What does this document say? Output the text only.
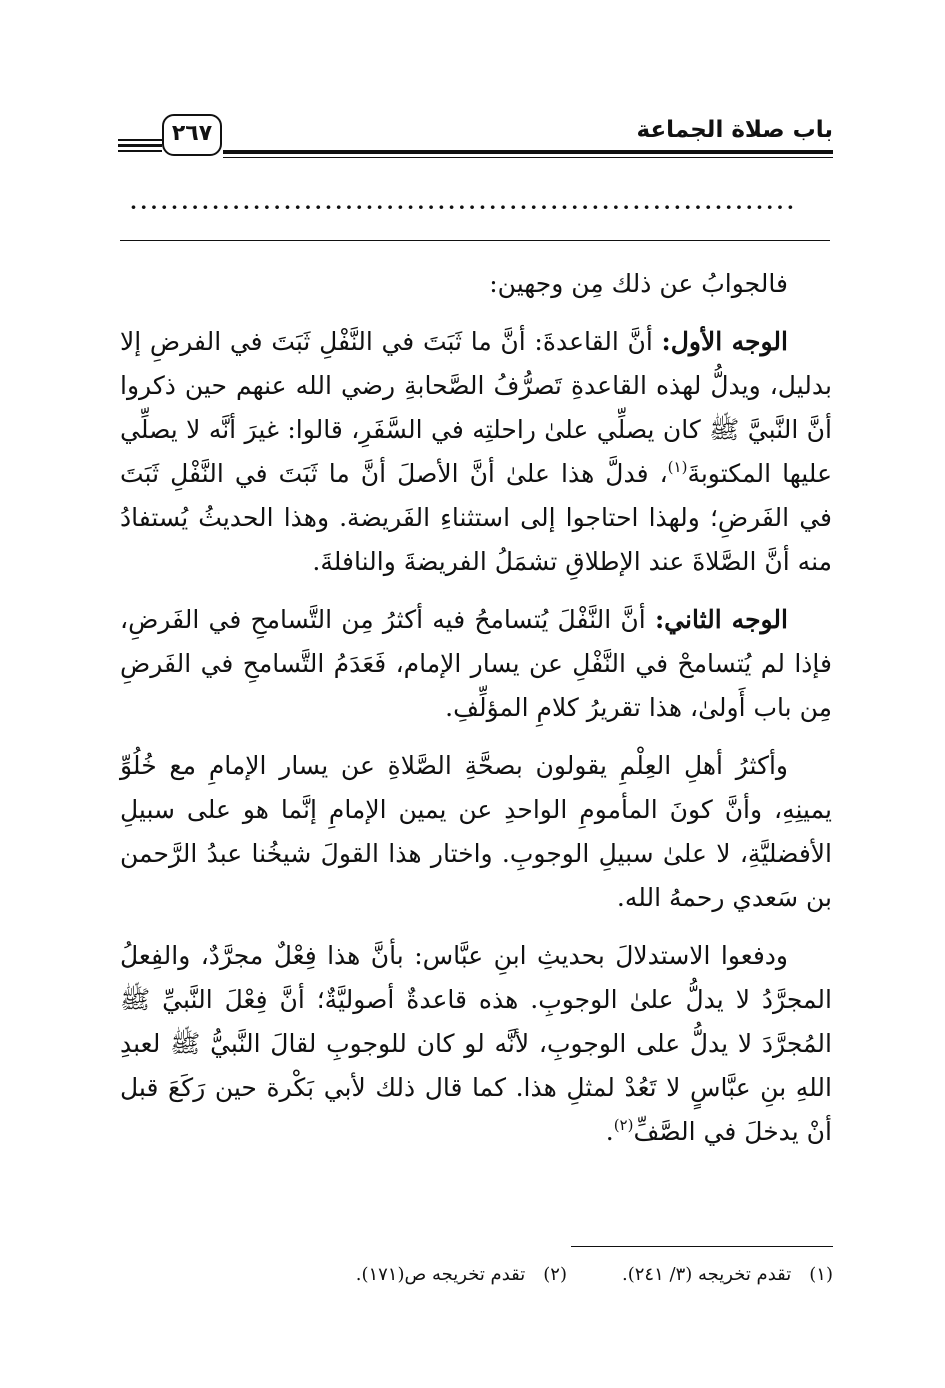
باب صلاة الجماعة
٢٦٧
·································································

فالجوابُ عن ذلك مِن وجهين:

الوجه الأول: أنَّ القاعدةَ: أنَّ ما ثَبَتَ في النَّفْلِ ثَبَتَ في الفرضِ إلا بدليل، ويدلُّ لهذه القاعدةِ تَصرُّفُ الصَّحابةِ رضي الله عنهم حين ذكروا أنَّ النَّبيَّ ﷺ كان يصلِّي علىٰ راحلتِه في السَّفَرِ، قالوا: غيرَ أنَّه لا يصلِّي عليها المكتوبةَ$^{(١)}$، فدلَّ هذا علىٰ أنَّ الأصلَ أنَّ ما ثَبَتَ في النَّفْلِ ثَبَتَ في الفَرضِ؛ ولهذا احتاجوا إلى استثناءِ الفَريضة. وهذا الحديثُ يُستفادُ منه أنَّ الصَّلاةَ عند الإطلاقِ تشمَلُ الفريضةَ والنافلةَ.

الوجه الثاني: أنَّ النَّفْلَ يُتسامحُ فيه أكثرُ مِن التَّسامحِ في الفَرضِ، فإذا لم يُتسامحْ في النَّفْلِ عن يسار الإمام، فَعَدَمُ التَّسامحِ في الفَرضِ مِن باب أَولىٰ، هذا تقريرُ كلامِ المؤلِّفِ.

وأكثرُ أهلِ العِلْمِ يقولون بصحَّةِ الصَّلاةِ عن يسار الإمامِ مع خُلُوِّ يمينِهِ، وأنَّ كونَ المأمومِ الواحدِ عن يمين الإمامِ إنَّما هو على سبيلِ الأفضليَّةِ، لا علىٰ سبيلِ الوجوبِ. واختار هذا القولَ شيخُنا عبدُ الرَّحمن بن سَعدي رحمهُ الله.

ودفعوا الاستدلالَ بحديثِ ابنِ عبَّاس: بأنَّ هذا فِعْلٌ مجرَّدٌ، والفِعلُ المجرَّدُ لا يدلُّ علىٰ الوجوبِ. هذه قاعدةٌ أصوليَّةٌ؛ أنَّ فِعْلَ النَّبيِّ ﷺ المُجرَّدَ لا يدلُّ على الوجوبِ، لأنَّه لو كان للوجوبِ لقالَ النَّبيُّ ﷺ لعبدِ اللهِ بنِ عبَّاسٍ لا تَعُدْ لمثلِ هذا. كما قال ذلك لأبي بَكْرة حين رَكَعَ قبل أنْ يدخلَ في الصَّفِّ$^{(٢)}$.

(١)تقدم تخريجه (٣/ ٢٤١).
(٢)تقدم تخريجه ص(١٧١).
